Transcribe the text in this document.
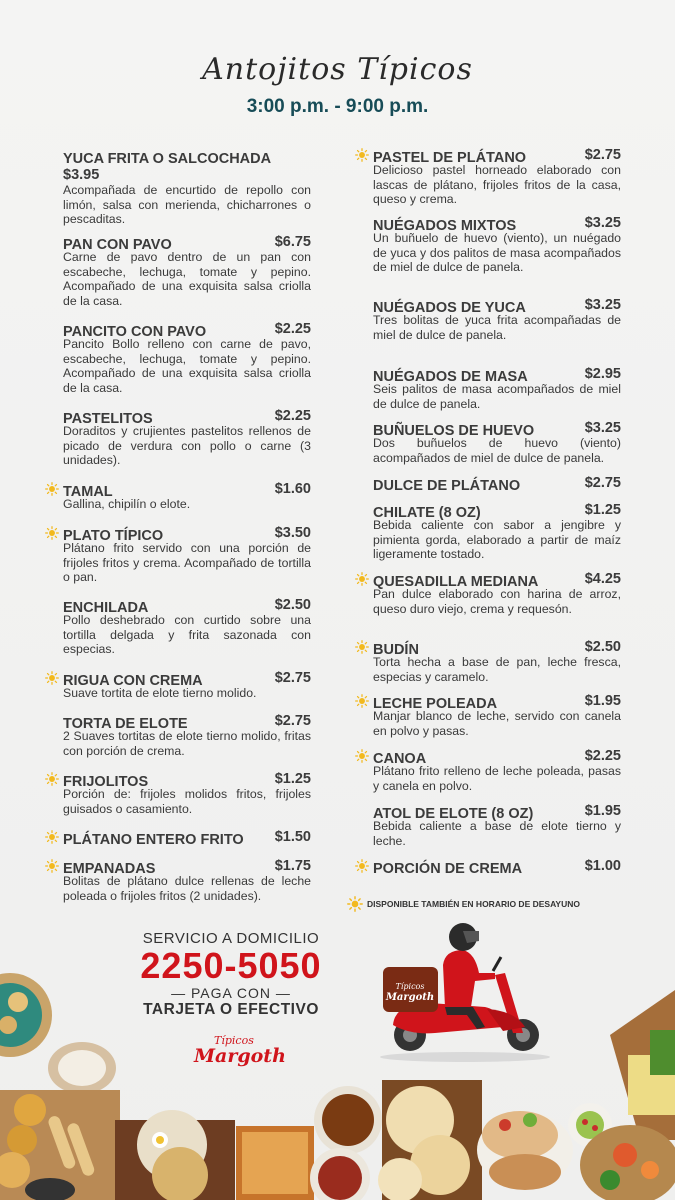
Antojitos Típicos
3:00 p.m. - 9:00 p.m.
YUCA FRITA O SALCOCHADA
$3.95
Acompañada de encurtido de repollo con limón, salsa con merienda, chicharrones o pescaditas.
PAN CON PAVO	$6.75
Carne de pavo dentro de un pan con escabeche, lechuga, tomate y pepino. Acompañado de una exquisita salsa criolla de la casa.
PANCITO CON PAVO	$2.25
Pancito Bollo relleno con carne de pavo, escabeche, lechuga, tomate y pepino. Acompañado de una exquisita salsa criolla de la casa.
PASTELITOS	$2.25
Doraditos y crujientes pastelitos rellenos de picado de verdura con pollo o carne (3 unidades).
TAMAL	$1.60
Gallina, chipilín o elote.
PLATO TÍPICO	$3.50
Plátano frito servido con una porción de frijoles fritos y crema. Acompañado de tortilla o pan.
ENCHILADA	$2.50
Pollo deshebrado con curtido sobre una tortilla delgada y frita sazonada con especias.
RIGUA CON CREMA	$2.75
Suave tortita de elote tierno molido.
TORTA DE ELOTE	$2.75
2 Suaves tortitas de elote tierno molido, fritas con porción de crema.
FRIJOLITOS	$1.25
Porción de: frijoles molidos fritos, frijoles guisados o casamiento.
PLÁTANO ENTERO FRITO $1.50
EMPANADAS	$1.75
Bolitas de plátano dulce rellenas de leche poleada o frijoles fritos (2 unidades).
PASTEL DE PLÁTANO	$2.75
Delicioso pastel horneado elaborado con lascas de plátano, frijoles fritos de la casa, queso y crema.
NUÉGADOS MIXTOS	$3.25
Un buñuelo de huevo (viento), un nuégado de yuca y dos palitos de masa acompañados de miel de dulce de panela.
NUÉGADOS DE YUCA	$3.25
Tres bolitas de yuca frita acompañadas de miel de dulce de panela.
NUÉGADOS DE MASA	$2.95
Seis palitos de masa acompañados de miel de dulce de panela.
BUÑUELOS DE HUEVO	$3.25
Dos buñuelos de huevo (viento) acompañados de miel de dulce de panela.
DULCE DE PLÁTANO	$2.75
CHILATE (8 OZ)	$1.25
Bebida caliente con sabor a jengibre y pimienta gorda, elaborado a partir de maíz ligeramente tostado.
QUESADILLA MEDIANA	$4.25
Pan dulce elaborado con harina de arroz, queso duro viejo, crema y requesón.
BUDÍN	$2.50
Torta hecha a base de pan, leche fresca, especias y caramelo.
LECHE POLEADA	$1.95
Manjar blanco de leche, servido con canela en polvo y pasas.
CANOA	$2.25
Plátano frito relleno de leche poleada, pasas y canela en polvo.
ATOL DE ELOTE (8 OZ)	$1.95
Bebida caliente a base de elote tierno y leche.
PORCIÓN DE CREMA	$1.00
DISPONIBLE TAMBIÉN EN HORARIO DE DESAYUNO
SERVICIO A DOMICILIO
2250-5050
— PAGA CON —
TARJETA O EFECTIVO
Típicos
Margoth
Típicos
Margoth
